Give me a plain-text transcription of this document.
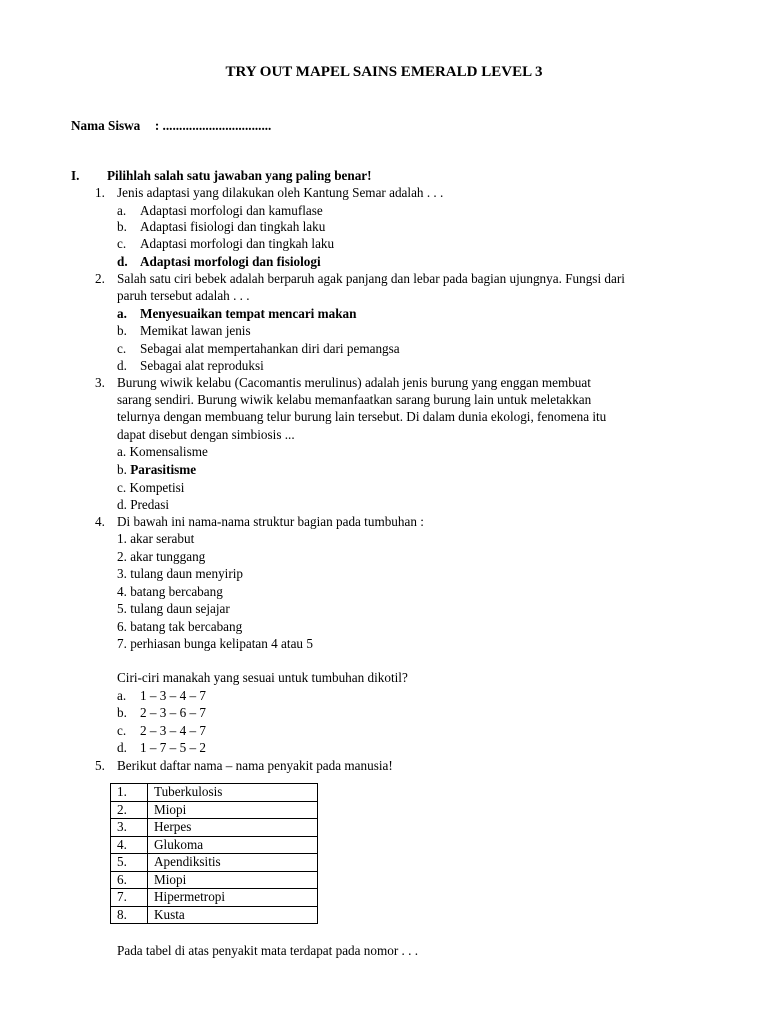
TRY OUT MAPEL SAINS EMERALD LEVEL 3
Nama Siswa : .................................
I. Pilihlah salah satu jawaban yang paling benar!
1. Jenis adaptasi yang dilakukan oleh Kantung Semar adalah . . .
a. Adaptasi morfologi dan kamuflase
b. Adaptasi fisiologi dan tingkah laku
c. Adaptasi morfologi dan tingkah laku
d. Adaptasi morfologi dan fisiologi
2. Salah satu ciri bebek adalah berparuh agak panjang dan lebar pada bagian ujungnya. Fungsi dari
paruh tersebut adalah . . .
a. Menyesuaikan tempat mencari makan
b. Memikat lawan jenis
c. Sebagai alat mempertahankan diri dari pemangsa
d. Sebagai alat reproduksi
3. Burung wiwik kelabu (Cacomantis merulinus) adalah jenis burung yang enggan membuat
sarang sendiri. Burung wiwik kelabu memanfaatkan sarang burung lain untuk meletakkan
telurnya dengan membuang telur burung lain tersebut. Di dalam dunia ekologi, fenomena itu
dapat disebut dengan simbiosis ...
a. Komensalisme
b. Parasitisme
c. Kompetisi
d. Predasi
4. Di bawah ini nama-nama struktur bagian pada tumbuhan :
1. akar serabut
2. akar tunggang
3. tulang daun menyirip
4. batang bercabang
5. tulang daun sejajar
6. batang tak bercabang
7. perhiasan bunga kelipatan 4 atau 5
Ciri-ciri manakah yang sesuai untuk tumbuhan dikotil?
a. 1 – 3 – 4 – 7
b. 2 – 3 – 6 – 7
c. 2 – 3 – 4 – 7
d. 1 – 7 – 5 – 2
5. Berikut daftar nama – nama penyakit pada manusia!
1.	Tuberkulosis
2.	Miopi
3.	Herpes
4.	Glukoma
5.	Apendiksitis
6.	Miopi
7.	Hipermetropi
8.	Kusta
Pada tabel di atas penyakit mata terdapat pada nomor . . .
